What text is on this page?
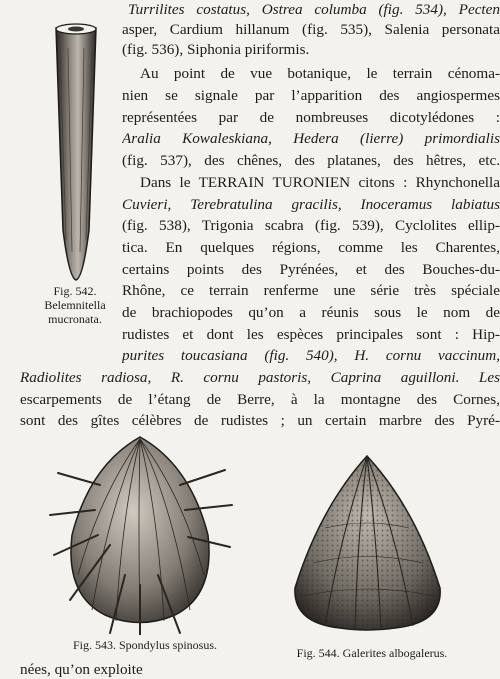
Fig. 542.
Belemnitella
mucronata.
Turrilites costatus, Ostrea columba (fig. 534), Pecten
asper, Cardium hillanum (fig. 535), Salenia personata
(fig. 536), Siphonia piriformis.
Au point de vue botanique, le terrain cénoma-
nien se signale par l’apparition des angiospermes
représentées par de nombreuses dicotylédones :
Aralia Kowaleskiana, Hedera (lierre) primordialis
(fig. 537), des chênes, des platanes, des hêtres, etc.
Dans le TERRAIN TURONIEN citons : Rhynchonella
Cuvieri, Terebratulina gracilis, Inoceramus labiatus
(fig. 538), Trigonia scabra (fig. 539), Cyclolites ellip-
tica. En quelques régions, comme les Charentes,
certains points des Pyrénées, et des Bouches-du-
Rhône, ce terrain renferme une série très spéciale
de brachiopodes qu’on a réunis sous le nom de
rudistes et dont les espèces principales sont : Hip-
purites toucasiana (fig. 540), H. cornu vaccinum,
Radiolites radiosa, R. cornu pastoris, Caprina aguilloni. Les
escarpements de l’étang de Berre, à la montagne des Cornes,
sont des gîtes célèbres de rudistes ; un certain marbre des Pyré-
nées, qu’on exploite
Fig. 543. Spondylus spinosus.
Fig. 544. Galerites albogalerus.
